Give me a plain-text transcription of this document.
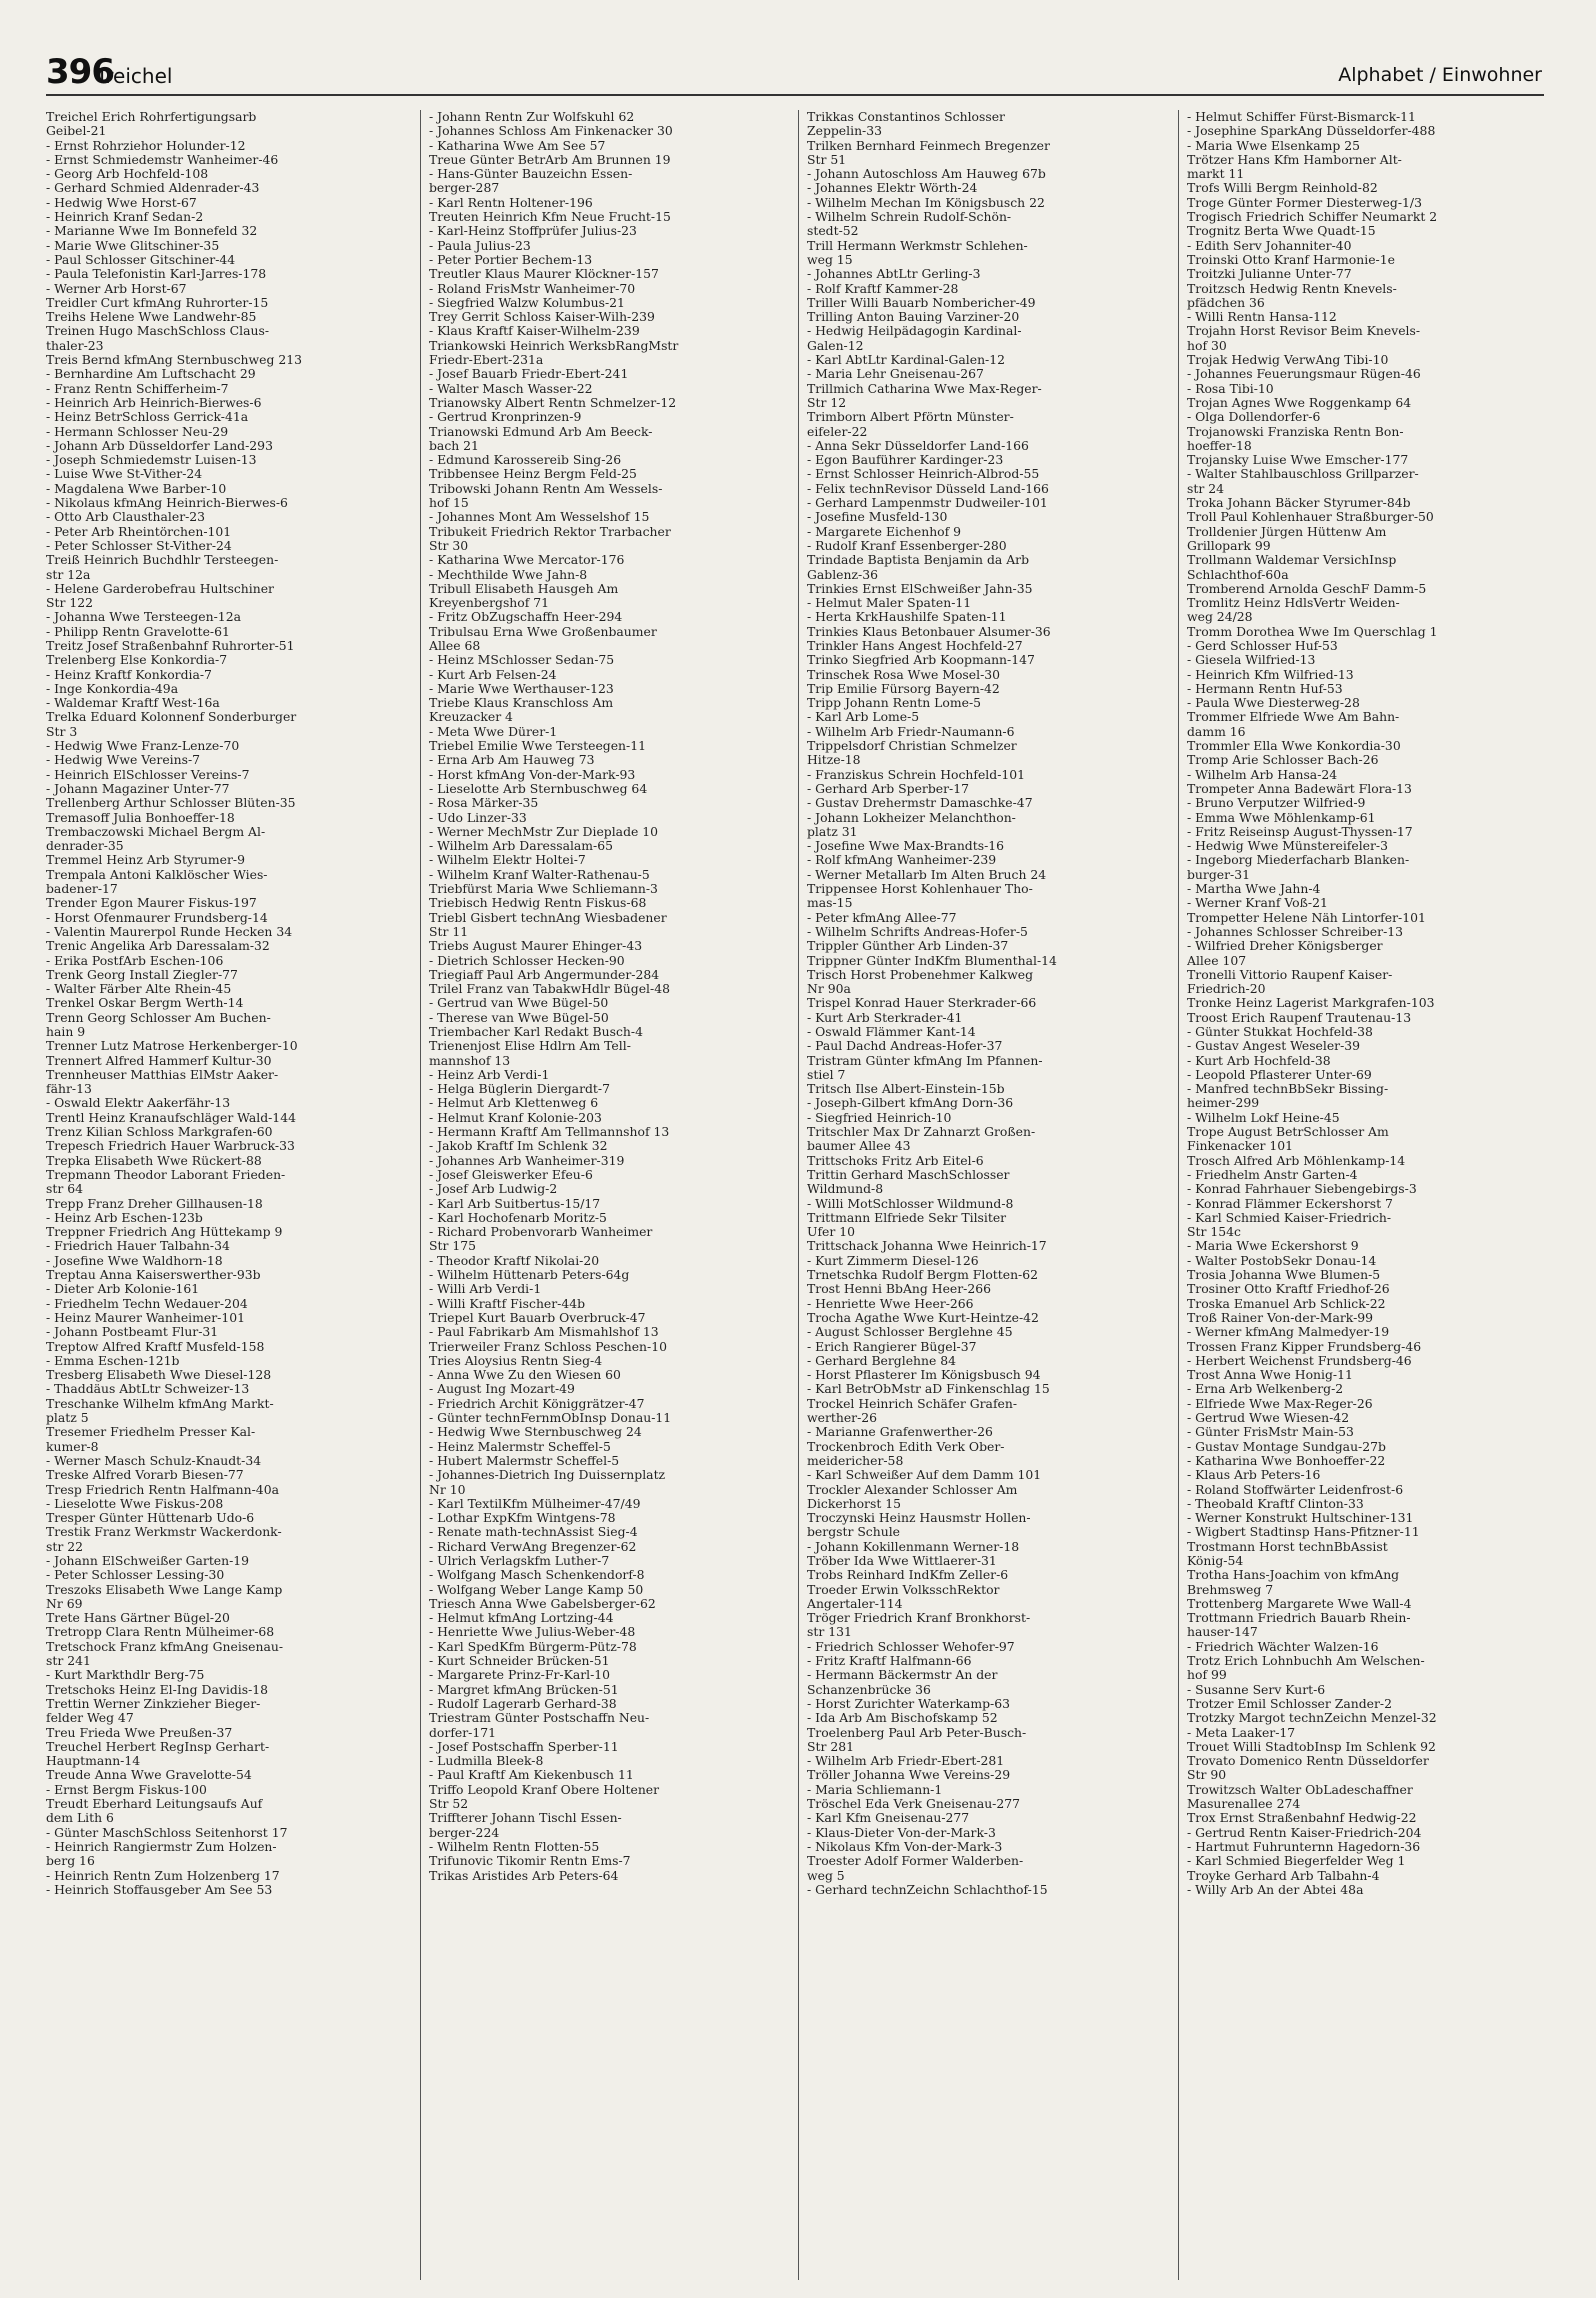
396
Treichel	Alphabet / Einwohner
Treichel Erich Rohrfertigungsarb
Geibel-21
- Ernst Rohrziehor Holunder-12
- Ernst Schmiedemstr Wanheimer-46
- Georg Arb Hochfeld-108
- Gerhard Schmied Aldenrader-43
- Hedwig Wwe Horst-67
- Heinrich Kranf Sedan-2
- Marianne Wwe Im Bonnefeld 32
- Marie Wwe Glitschiner-35
- Paul Schlosser Gitschiner-44
- Paula Telefonistin Karl-Jarres-178
- Werner Arb Horst-67
Treidler Curt kfmAng Ruhrorter-15
Treihs Helene Wwe Landwehr-85
Treinen Hugo MaschSchloss Claus-
thaler-23
Treis Bernd kfmAng Sternbuschweg 213
- Bernhardine Am Luftschacht 29
- Franz Rentn Schifferheim-7
- Heinrich Arb Heinrich-Bierwes-6
- Heinz BetrSchloss Gerrick-41a
- Hermann Schlosser Neu-29
- Johann Arb Düsseldorfer Land-293
- Joseph Schmiedemstr Luisen-13
- Luise Wwe St-Vither-24
- Magdalena Wwe Barber-10
- Nikolaus kfmAng Heinrich-Bierwes-6
- Otto Arb Clausthaler-23
- Peter Arb Rheintörchen-101
- Peter Schlosser St-Vither-24
Treiß Heinrich Buchdhlr Tersteegen-
str 12a
- Helene Garderobefrau Hultschiner
Str 122
- Johanna Wwe Tersteegen-12a
- Philipp Rentn Gravelotte-61
Treitz Josef Straßenbahnf Ruhrorter-51
Trelenberg Else Konkordia-7
- Heinz Kraftf Konkordia-7
- Inge Konkordia-49a
- Waldemar Kraftf West-16a
Trelka Eduard Kolonnenf Sonderburger
Str 3
- Hedwig Wwe Franz-Lenze-70
- Hedwig Wwe Vereins-7
- Heinrich ElSchlosser Vereins-7
- Johann Magaziner Unter-77
Trellenberg Arthur Schlosser Blüten-35
Tremasoff Julia Bonhoeffer-18
Trembaczowski Michael Bergm Al-
denrader-35
Tremmel Heinz Arb Styrumer-9
Trempala Antoni Kalklöscher Wies-
badener-17
Trender Egon Maurer Fiskus-197
- Horst Ofenmaurer Frundsberg-14
- Valentin Maurerpol Runde Hecken 34
Trenic Angelika Arb Daressalam-32
- Erika PostfArb Eschen-106
Trenk Georg Install Ziegler-77
- Walter Färber Alte Rhein-45
Trenkel Oskar Bergm Werth-14
Trenn Georg Schlosser Am Buchen-
hain 9
Trenner Lutz Matrose Herkenberger-10
Trennert Alfred Hammerf Kultur-30
Trennheuser Matthias ElMstr Aaker-
fähr-13
- Oswald Elektr Aakerfähr-13
Trentl Heinz Kranaufschläger Wald-144
Trenz Kilian Schloss Markgrafen-60
Trepesch Friedrich Hauer Warbruck-33
Trepka Elisabeth Wwe Rückert-88
Trepmann Theodor Laborant Frieden-
str 64
Trepp Franz Dreher Gillhausen-18
- Heinz Arb Eschen-123b
Treppner Friedrich Ang Hüttekamp 9
- Friedrich Hauer Talbahn-34
- Josefine Wwe Waldhorn-18
Treptau Anna Kaiserswerther-93b
- Dieter Arb Kolonie-161
- Friedhelm Techn Wedauer-204
- Heinz Maurer Wanheimer-101
- Johann Postbeamt Flur-31
Treptow Alfred Kraftf Musfeld-158
- Emma Eschen-121b
Tresberg Elisabeth Wwe Diesel-128
- Thaddäus AbtLtr Schweizer-13
Treschanke Wilhelm kfmAng Markt-
platz 5
Tresemer Friedhelm Presser Kal-
kumer-8
- Werner Masch Schulz-Knaudt-34
Treske Alfred Vorarb Biesen-77
Tresp Friedrich Rentn Halfmann-40a
- Lieselotte Wwe Fiskus-208
Tresper Günter Hüttenarb Udo-6
Trestik Franz Werkmstr Wackerdonk-
str 22
- Johann ElSchweißer Garten-19
- Peter Schlosser Lessing-30
Treszoks Elisabeth Wwe Lange Kamp
Nr 69
Trete Hans Gärtner Bügel-20
Tretropp Clara Rentn Mülheimer-68
Tretschock Franz kfmAng Gneisenau-
str 241
- Kurt Markthdlr Berg-75
Tretschoks Heinz El-Ing Davidis-18
Trettin Werner Zinkzieher Bieger-
felder Weg 47
Treu Frieda Wwe Preußen-37
Treuchel Herbert RegInsp Gerhart-
Hauptmann-14
Treude Anna Wwe Gravelotte-54
- Ernst Bergm Fiskus-100
Treudt Eberhard Leitungsaufs Auf
dem Lith 6
- Günter MaschSchloss Seitenhorst 17
- Heinrich Rangiermstr Zum Holzen-
berg 16
- Heinrich Rentn Zum Holzenberg 17
- Heinrich Stoffausgeber Am See 53
- Johann Rentn Zur Wolfskuhl 62
- Johannes Schloss Am Finkenacker 30
- Katharina Wwe Am See 57
Treue Günter BetrArb Am Brunnen 19
- Hans-Günter Bauzeichn Essen-
berger-287
- Karl Rentn Holtener-196
Treuten Heinrich Kfm Neue Frucht-15
- Karl-Heinz Stoffprüfer Julius-23
- Paula Julius-23
- Peter Portier Bechem-13
Treutler Klaus Maurer Klöckner-157
- Roland FrisMstr Wanheimer-70
- Siegfried Walzw Kolumbus-21
Trey Gerrit Schloss Kaiser-Wilh-239
- Klaus Kraftf Kaiser-Wilhelm-239
Triankowski Heinrich WerksbRangMstr
Friedr-Ebert-231a
- Josef Bauarb Friedr-Ebert-241
- Walter Masch Wasser-22
Trianowsky Albert Rentn Schmelzer-12
- Gertrud Kronprinzen-9
Trianowski Edmund Arb Am Beeck-
bach 21
- Edmund Karossereib Sing-26
Tribbensee Heinz Bergm Feld-25
Tribowski Johann Rentn Am Wessels-
hof 15
- Johannes Mont Am Wesselshof 15
Tribukeit Friedrich Rektor Trarbacher
Str 30
- Katharina Wwe Mercator-176
- Mechthilde Wwe Jahn-8
Tribull Elisabeth Hausgeh Am
Kreyenbergshof 71
- Fritz ObZugschaffn Heer-294
Tribulsau Erna Wwe Großenbaumer
Allee 68
- Heinz MSchlosser Sedan-75
- Kurt Arb Felsen-24
- Marie Wwe Werthauser-123
Triebe Klaus Kranschloss Am
Kreuzacker 4
- Meta Wwe Dürer-1
Triebel Emilie Wwe Tersteegen-11
- Erna Arb Am Hauweg 73
- Horst kfmAng Von-der-Mark-93
- Lieselotte Arb Sternbuschweg 64
- Rosa Märker-35
- Udo Linzer-33
- Werner MechMstr Zur Dieplade 10
- Wilhelm Arb Daressalam-65
- Wilhelm Elektr Holtei-7
- Wilhelm Kranf Walter-Rathenau-5
Triebfürst Maria Wwe Schliemann-3
Triebisch Hedwig Rentn Fiskus-68
Triebl Gisbert technAng Wiesbadener
Str 11
Triebs August Maurer Ehinger-43
- Dietrich Schlosser Hecken-90
Triegiaff Paul Arb Angermunder-284
Trilel Franz van TabakwHdlr Bügel-48
- Gertrud van Wwe Bügel-50
- Therese van Wwe Bügel-50
Triembacher Karl Redakt Busch-4
Trienenjost Elise Hdlrn Am Tell-
mannshof 13
- Heinz Arb Verdi-1
- Helga Büglerin Diergardt-7
- Helmut Arb Klettenweg 6
- Helmut Kranf Kolonie-203
- Hermann Kraftf Am Tellmannshof 13
- Jakob Kraftf Im Schlenk 32
- Johannes Arb Wanheimer-319
- Josef Gleiswerker Efeu-6
- Josef Arb Ludwig-2
- Karl Arb Suitbertus-15/17
- Karl Hochofenarb Moritz-5
- Richard Probenvorarb Wanheimer
Str 175
- Theodor Kraftf Nikolai-20
- Wilhelm Hüttenarb Peters-64g
- Willi Arb Verdi-1
- Willi Kraftf Fischer-44b
Triepel Kurt Bauarb Overbruck-47
- Paul Fabrikarb Am Mismahlshof 13
Trierweiler Franz Schloss Peschen-10
Tries Aloysius Rentn Sieg-4
- Anna Wwe Zu den Wiesen 60
- August Ing Mozart-49
- Friedrich Archit Königgrätzer-47
- Günter technFernmObInsp Donau-11
- Hedwig Wwe Sternbuschweg 24
- Heinz Malermstr Scheffel-5
- Hubert Malermstr Scheffel-5
- Johannes-Dietrich Ing Duissernplatz
Nr 10
- Karl TextilKfm Mülheimer-47/49
- Lothar ExpKfm Wintgens-78
- Renate math-technAssist Sieg-4
- Richard VerwAng Bregenzer-62
- Ulrich Verlagskfm Luther-7
- Wolfgang Masch Schenkendorf-8
- Wolfgang Weber Lange Kamp 50
Triesch Anna Wwe Gabelsberger-62
- Helmut kfmAng Lortzing-44
- Henriette Wwe Julius-Weber-48
- Karl SpedKfm Bürgerm-Pütz-78
- Kurt Schneider Brücken-51
- Margarete Prinz-Fr-Karl-10
- Margret kfmAng Brücken-51
- Rudolf Lagerarb Gerhard-38
Triestram Günter Postschaffn Neu-
dorfer-171
- Josef Postschaffn Sperber-11
- Ludmilla Bleek-8
- Paul Kraftf Am Kiekenbusch 11
Triffo Leopold Kranf Obere Holtener
Str 52
Triffterer Johann Tischl Essen-
berger-224
- Wilhelm Rentn Flotten-55
Trifunovic Tikomir Rentn Ems-7
Trikas Aristides Arb Peters-64
Trikkas Constantinos Schlosser
Zeppelin-33
Trilken Bernhard Feinmech Bregenzer
Str 51
- Johann Autoschloss Am Hauweg 67b
- Johannes Elektr Wörth-24
- Wilhelm Mechan Im Königsbusch 22
- Wilhelm Schrein Rudolf-Schön-
stedt-52
Trill Hermann Werkmstr Schlehen-
weg 15
- Johannes AbtLtr Gerling-3
- Rolf Kraftf Kammer-28
Triller Willi Bauarb Nombericher-49
Trilling Anton Bauing Varziner-20
- Hedwig Heilpädagogin Kardinal-
Galen-12
- Karl AbtLtr Kardinal-Galen-12
- Maria Lehr Gneisenau-267
Trillmich Catharina Wwe Max-Reger-
Str 12
Trimborn Albert Pförtn Münster-
eifeler-22
- Anna Sekr Düsseldorfer Land-166
- Egon Bauführer Kardinger-23
- Ernst Schlosser Heinrich-Albrod-55
- Felix technRevisor Düsseld Land-166
- Gerhard Lampenmstr Dudweiler-101
- Josefine Musfeld-130
- Margarete Eichenhof 9
- Rudolf Kranf Essenberger-280
Trindade Baptista Benjamin da Arb
Gablenz-36
Trinkies Ernst ElSchweißer Jahn-35
- Helmut Maler Spaten-11
- Herta KrkHaushilfe Spaten-11
Trinkies Klaus Betonbauer Alsumer-36
Trinkler Hans Angest Hochfeld-27
Trinko Siegfried Arb Koopmann-147
Trinschek Rosa Wwe Mosel-30
Trip Emilie Fürsorg Bayern-42
Tripp Johann Rentn Lome-5
- Karl Arb Lome-5
- Wilhelm Arb Friedr-Naumann-6
Trippelsdorf Christian Schmelzer
Hitze-18
- Franziskus Schrein Hochfeld-101
- Gerhard Arb Sperber-17
- Gustav Drehermstr Damaschke-47
- Johann Lokheizer Melanchthon-
platz 31
- Josefine Wwe Max-Brandts-16
- Rolf kfmAng Wanheimer-239
- Werner Metallarb Im Alten Bruch 24
Trippensee Horst Kohlenhauer Tho-
mas-15
- Peter kfmAng Allee-77
- Wilhelm Schrifts Andreas-Hofer-5
Trippler Günther Arb Linden-37
Trippner Günter IndKfm Blumenthal-14
Trisch Horst Probenehmer Kalkweg
Nr 90a
Trispel Konrad Hauer Sterkrader-66
- Kurt Arb Sterkrader-41
- Oswald Flämmer Kant-14
- Paul Dachd Andreas-Hofer-37
Tristram Günter kfmAng Im Pfannen-
stiel 7
Tritsch Ilse Albert-Einstein-15b
- Joseph-Gilbert kfmAng Dorn-36
- Siegfried Heinrich-10
Tritschler Max Dr Zahnarzt Großen-
baumer Allee 43
Trittschoks Fritz Arb Eitel-6
Trittin Gerhard MaschSchlosser
Wildmund-8
- Willi MotSchlosser Wildmund-8
Trittmann Elfriede Sekr Tilsiter
Ufer 10
Trittschack Johanna Wwe Heinrich-17
- Kurt Zimmerm Diesel-126
Trnetschka Rudolf Bergm Flotten-62
Trost Henni BbAng Heer-266
- Henriette Wwe Heer-266
Trocha Agathe Wwe Kurt-Heintze-42
- August Schlosser Berglehne 45
- Erich Rangierer Bügel-37
- Gerhard Berglehne 84
- Horst Pflasterer Im Königsbusch 94
- Karl BetrObMstr aD Finkenschlag 15
Trockel Heinrich Schäfer Grafen-
werther-26
- Marianne Grafenwerther-26
Trockenbroch Edith Verk Ober-
meidericher-58
- Karl Schweißer Auf dem Damm 101
Trockler Alexander Schlosser Am
Dickerhorst 15
Troczynski Heinz Hausmstr Hollen-
bergstr Schule
- Johann Kokillenmann Werner-18
Tröber Ida Wwe Wittlaerer-31
Trobs Reinhard IndKfm Zeller-6
Troeder Erwin VolksschRektor
Angertaler-114
Tröger Friedrich Kranf Bronkhorst-
str 131
- Friedrich Schlosser Wehofer-97
- Fritz Kraftf Halfmann-66
- Hermann Bäckermstr An der
Schanzenbrücke 36
- Horst Zurichter Waterkamp-63
- Ida Arb Am Bischofskamp 52
Troelenberg Paul Arb Peter-Busch-
Str 281
- Wilhelm Arb Friedr-Ebert-281
Tröller Johanna Wwe Vereins-29
- Maria Schliemann-1
Tröschel Eda Verk Gneisenau-277
- Karl Kfm Gneisenau-277
- Klaus-Dieter Von-der-Mark-3
- Nikolaus Kfm Von-der-Mark-3
Troester Adolf Former Walderben-
weg 5
- Gerhard technZeichn Schlachthof-15
- Helmut Schiffer Fürst-Bismarck-11
- Josephine SparkAng Düsseldorfer-488
- Maria Wwe Elsenkamp 25
Trötzer Hans Kfm Hamborner Alt-
markt 11
Trofs Willi Bergm Reinhold-82
Troge Günter Former Diesterweg-1/3
Trogisch Friedrich Schiffer Neumarkt 2
Trognitz Berta Wwe Quadt-15
- Edith Serv Johanniter-40
Troinski Otto Kranf Harmonie-1e
Troitzki Julianne Unter-77
Troitzsch Hedwig Rentn Knevels-
pfädchen 36
- Willi Rentn Hansa-112
Trojahn Horst Revisor Beim Knevels-
hof 30
Trojak Hedwig VerwAng Tibi-10
- Johannes Feuerungsmaur Rügen-46
- Rosa Tibi-10
Trojan Agnes Wwe Roggenkamp 64
- Olga Dollendorfer-6
Trojanowski Franziska Rentn Bon-
hoeffer-18
Trojansky Luise Wwe Emscher-177
- Walter Stahlbauschloss Grillparzer-
str 24
Troka Johann Bäcker Styrumer-84b
Troll Paul Kohlenhauer Straßburger-50
Trolldenier Jürgen Hüttenw Am
Grillopark 99
Trollmann Waldemar VersichInsp
Schlachthof-60a
Tromberend Arnolda GeschF Damm-5
Tromlitz Heinz HdlsVertr Weiden-
weg 24/28
Tromm Dorothea Wwe Im Querschlag 1
- Gerd Schlosser Huf-53
- Giesela Wilfried-13
- Heinrich Kfm Wilfried-13
- Hermann Rentn Huf-53
- Paula Wwe Diesterweg-28
Trommer Elfriede Wwe Am Bahn-
damm 16
Trommler Ella Wwe Konkordia-30
Tromp Arie Schlosser Bach-26
- Wilhelm Arb Hansa-24
Trompeter Anna Badewärt Flora-13
- Bruno Verputzer Wilfried-9
- Emma Wwe Möhlenkamp-61
- Fritz Reiseinsp August-Thyssen-17
- Hedwig Wwe Münstereifeler-3
- Ingeborg Miederfacharb Blanken-
burger-31
- Martha Wwe Jahn-4
- Werner Kranf Voß-21
Trompetter Helene Näh Lintorfer-101
- Johannes Schlosser Schreiber-13
- Wilfried Dreher Königsberger
Allee 107
Tronelli Vittorio Raupenf Kaiser-
Friedrich-20
Tronke Heinz Lagerist Markgrafen-103
Troost Erich Raupenf Trautenau-13
- Günter Stukkat Hochfeld-38
- Gustav Angest Weseler-39
- Kurt Arb Hochfeld-38
- Leopold Pflasterer Unter-69
- Manfred technBbSekr Bissing-
heimer-299
- Wilhelm Lokf Heine-45
Trope August BetrSchlosser Am
Finkenacker 101
Trosch Alfred Arb Möhlenkamp-14
- Friedhelm Anstr Garten-4
- Konrad Fahrhauer Siebengebirgs-3
- Konrad Flämmer Eckershorst 7
- Karl Schmied Kaiser-Friedrich-
Str 154c
- Maria Wwe Eckershorst 9
- Walter PostobSekr Donau-14
Trosia Johanna Wwe Blumen-5
Trosiner Otto Kraftf Friedhof-26
Troska Emanuel Arb Schlick-22
Troß Rainer Von-der-Mark-99
- Werner kfmAng Malmedyer-19
Trossen Franz Kipper Frundsberg-46
- Herbert Weichenst Frundsberg-46
Trost Anna Wwe Honig-11
- Erna Arb Welkenberg-2
- Elfriede Wwe Max-Reger-26
- Gertrud Wwe Wiesen-42
- Günter FrisMstr Main-53
- Gustav Montage Sundgau-27b
- Katharina Wwe Bonhoeffer-22
- Klaus Arb Peters-16
- Roland Stoffwärter Leidenfrost-6
- Theobald Kraftf Clinton-33
- Werner Konstrukt Hultschiner-131
- Wigbert Stadtinsp Hans-Pfitzner-11
Trostmann Horst technBbAssist
König-54
Trotha Hans-Joachim von kfmAng
Brehmsweg 7
Trottenberg Margarete Wwe Wall-4
Trottmann Friedrich Bauarb Rhein-
hauser-147
- Friedrich Wächter Walzen-16
Trotz Erich Lohnbuchh Am Welschen-
hof 99
- Susanne Serv Kurt-6
Trotzer Emil Schlosser Zander-2
Trotzky Margot technZeichn Menzel-32
- Meta Laaker-17
Trouet Willi StadtobInsp Im Schlenk 92
Trovato Domenico Rentn Düsseldorfer
Str 90
Trowitzsch Walter ObLadeschaffner
Masurenallee 274
Trox Ernst Straßenbahnf Hedwig-22
- Gertrud Rentn Kaiser-Friedrich-204
- Hartmut Fuhrunternn Hagedorn-36
- Karl Schmied Biegerfelder Weg 1
Troyke Gerhard Arb Talbahn-4
- Willy Arb An der Abtei 48a
